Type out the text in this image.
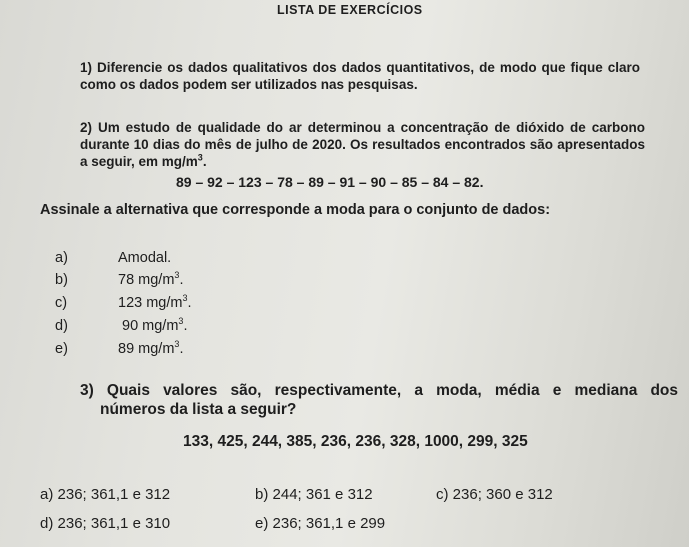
LISTA DE EXERCÍCIOS
1) Diferencie os dados qualitativos dos dados quantitativos, de modo que fique claro como os dados podem ser utilizados nas pesquisas.
2) Um estudo de qualidade do ar determinou a concentração de dióxido de carbono durante 10 dias do mês de julho de 2020. Os resultados encontrados são apresentados a seguir, em $mg/m^3$.
89 – 92 – 123 – 78 – 89 – 91 – 90 – 85 – 84 – 82.
Assinale a alternativa que corresponde a moda para o conjunto de dados:
a)	Amodal.
b)	78 $mg/m^3$.
c)	123 $mg/m^3$.
d)	90 $mg/m^3$.
e)	89 $mg/m^3$.
3) Quais valores são, respectivamente, a moda, média e mediana dos
números da lista a seguir?
133, 425, 244, 385, 236, 236, 328, 1000, 299, 325
a) 236; 361,1 e 312	b) 244; 361 e 312	c) 236; 360 e 312
d) 236; 361,1 e 310	e) 236; 361,1 e 299
